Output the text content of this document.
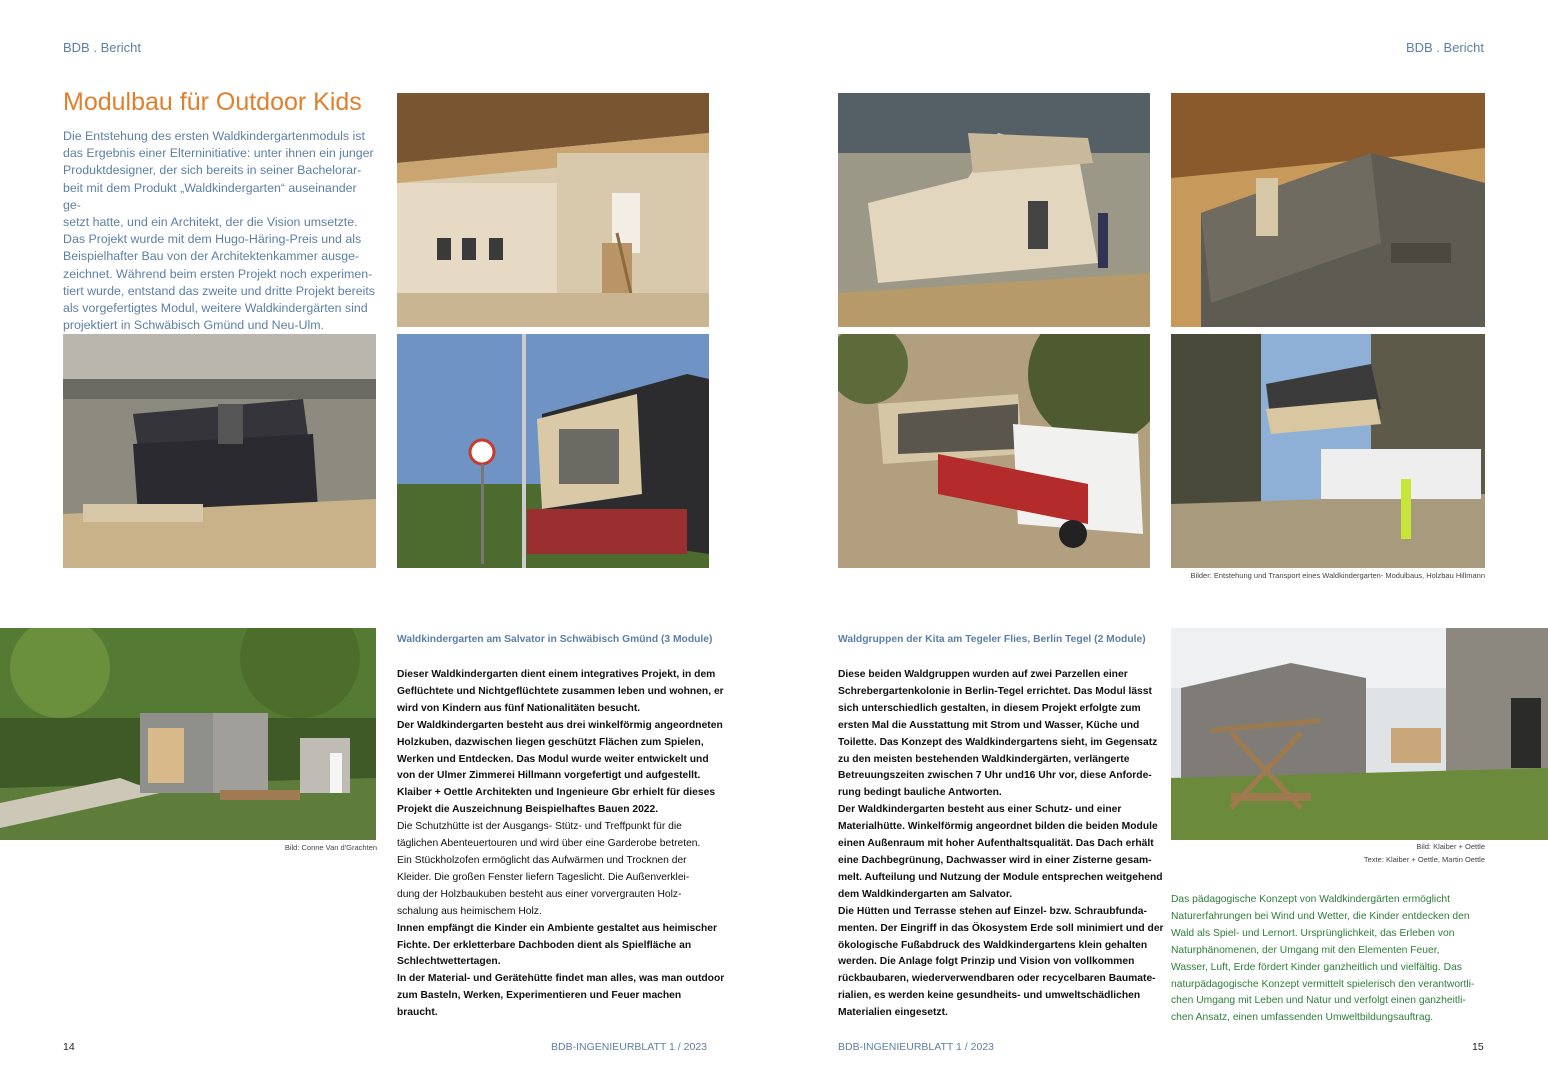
BDB . Bericht
Modulbau für Outdoor Kids

Die Entstehung des ersten Waldkindergartenmoduls ist

das Ergebnis einer Elterninitiative: unter ihnen ein junger

Produktdesigner, der sich bereits in seiner Bachelorar-

beit mit dem Produkt „Waldkindergarten“ auseinander ge-

setzt hatte, und ein Architekt, der die Vision umsetzte.

Das Projekt wurde mit dem Hugo-Häring-Preis und als

Beispielhafter Bau von der Architektenkammer ausge-

zeichnet. Während beim ersten Projekt noch experimen-

tiert wurde, entstand das zweite und dritte Projekt bereits

als vorgefertigtes Modul, weitere Waldkindergärten sind

projektiert in Schwäbisch Gmünd und Neu-Ulm.

Bild: Conne Van d'Grachten
Waldkindergarten am Salvator in Schwäbisch Gmünd (3 Module)

Dieser Waldkindergarten dient einem integratives Projekt, in dem

Geflüchtete und Nichtgeflüchtete zusammen leben und wohnen, er

wird von Kindern aus fünf Nationalitäten besucht.

Der Waldkindergarten besteht aus drei winkelförmig angeordneten

Holzkuben, dazwischen liegen geschützt Flächen zum Spielen,

Werken und Entdecken. Das Modul wurde weiter entwickelt und

von der Ulmer Zimmerei Hillmann vorgefertigt und aufgestellt.

Klaiber + Oettle Architekten und Ingenieure Gbr erhielt für dieses

Projekt die Auszeichnung Beispielhaftes Bauen 2022.

Die Schutzhütte ist der Ausgangs- Stütz- und Treffpunkt für die

täglichen Abenteuertouren und wird über eine Garderobe betreten.

Ein Stückholzofen ermöglicht das Aufwärmen und Trocknen der

Kleider. Die großen Fenster liefern Tageslicht. Die Außenverklei-

dung der Holzbaukuben besteht aus einer vorvergrauten Holz-

schalung aus heimischem Holz.

Innen empfängt die Kinder ein Ambiente gestaltet aus heimischer

Fichte. Der erkletterbare Dachboden dient als Spielfläche an

Schlechtwettertagen.

In der Material- und Gerätehütte findet man alles, was man outdoor

zum Basteln, Werken, Experimentieren und Feuer machen

braucht.

14	BDB-INGENIEURBLATT 1 / 2023
BDB . Bericht
Bilder: Entstehung und Transport eines Waldkindergarten- Modulbaus, Holzbau Hillmann
Waldgruppen der Kita am Tegeler Flies, Berlin Tegel (2 Module)

Diese beiden Waldgruppen wurden auf zwei Parzellen einer

Schrebergartenkolonie in Berlin-Tegel errichtet. Das Modul lässt

sich unterschiedlich gestalten, in diesem Projekt erfolgte zum

ersten Mal die Ausstattung mit Strom und Wasser, Küche und

Toilette. Das Konzept des Waldkindergartens sieht, im Gegensatz

zu den meisten bestehenden Waldkindergärten, verlängerte

Betreuungszeiten zwischen 7 Uhr und16 Uhr vor, diese Anforde-

rung bedingt bauliche Antworten.

Der Waldkindergarten besteht aus einer Schutz- und einer

Materialhütte. Winkelförmig angeordnet bilden die beiden Module

einen Außenraum mit hoher Aufenthaltsqualität. Das Dach erhält

eine Dachbegrünung, Dachwasser wird in einer Zisterne gesam-

melt. Aufteilung und Nutzung der Module entsprechen weitgehend

dem Waldkindergarten am Salvator.

Die Hütten und Terrasse stehen auf Einzel- bzw. Schraubfunda-

menten. Der Eingriff in das Ökosystem Erde soll minimiert und der

ökologische Fußabdruck des Waldkindergartens klein gehalten

werden. Die Anlage folgt Prinzip und Vision von vollkommen

rückbaubaren, wiederverwendbaren oder recycelbaren Baumate-

rialien, es werden keine gesundheits- und umweltschädlichen

Materialien eingesetzt.

Bild: Klaiber + Oettle
Texte: Klaiber + Oettle, Martin Oettle

Das pädagogische Konzept von Waldkindergärten ermöglicht

Naturerfahrungen bei Wind und Wetter, die Kinder entdecken den

Wald als Spiel- und Lernort. Ursprünglichkeit, das Erleben von

Naturphänomenen, der Umgang mit den Elementen Feuer,

Wasser, Luft, Erde fördert Kinder ganzheitlich und vielfältig. Das

naturpädagogische Konzept vermittelt spielerisch den verantwortli-

chen Umgang mit Leben und Natur und verfolgt einen ganzheitli-

chen Ansatz, einen umfassenden Umweltbildungsauftrag.

BDB-INGENIEURBLATT 1 / 2023	15
